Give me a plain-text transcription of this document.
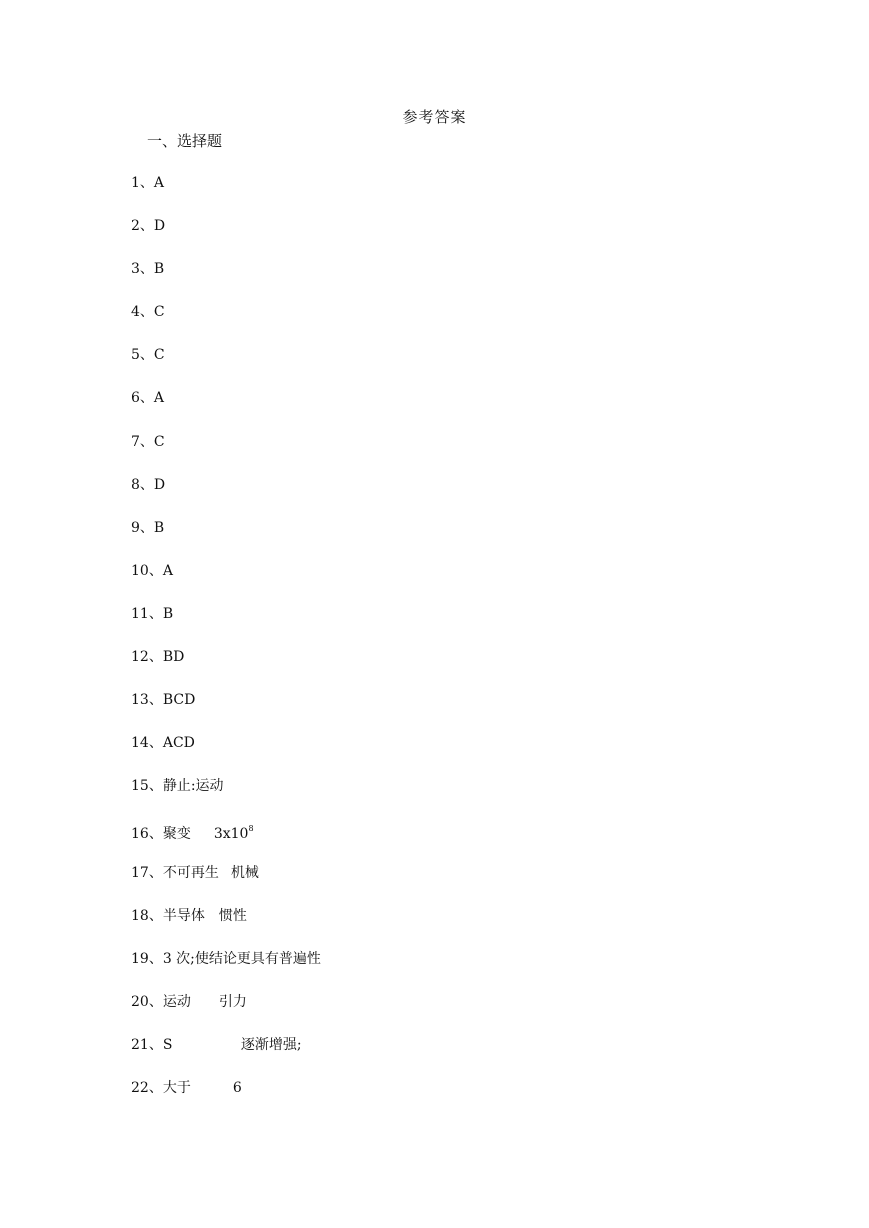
参考答案
一、选择题
1、A
2、D
3、B
4、C
5、C
6、A
7、C
8、D
9、B
10、A
11、B
12、BD
13、BCD
14、ACD
15、静止:运动
16、聚变 $3x10^8$
17、不可再生 机械
18、半导体 惯性
19、3 次;使结论更具有普遍性
20、运动 引力
21、S	逐渐增强;
22、大于	6
